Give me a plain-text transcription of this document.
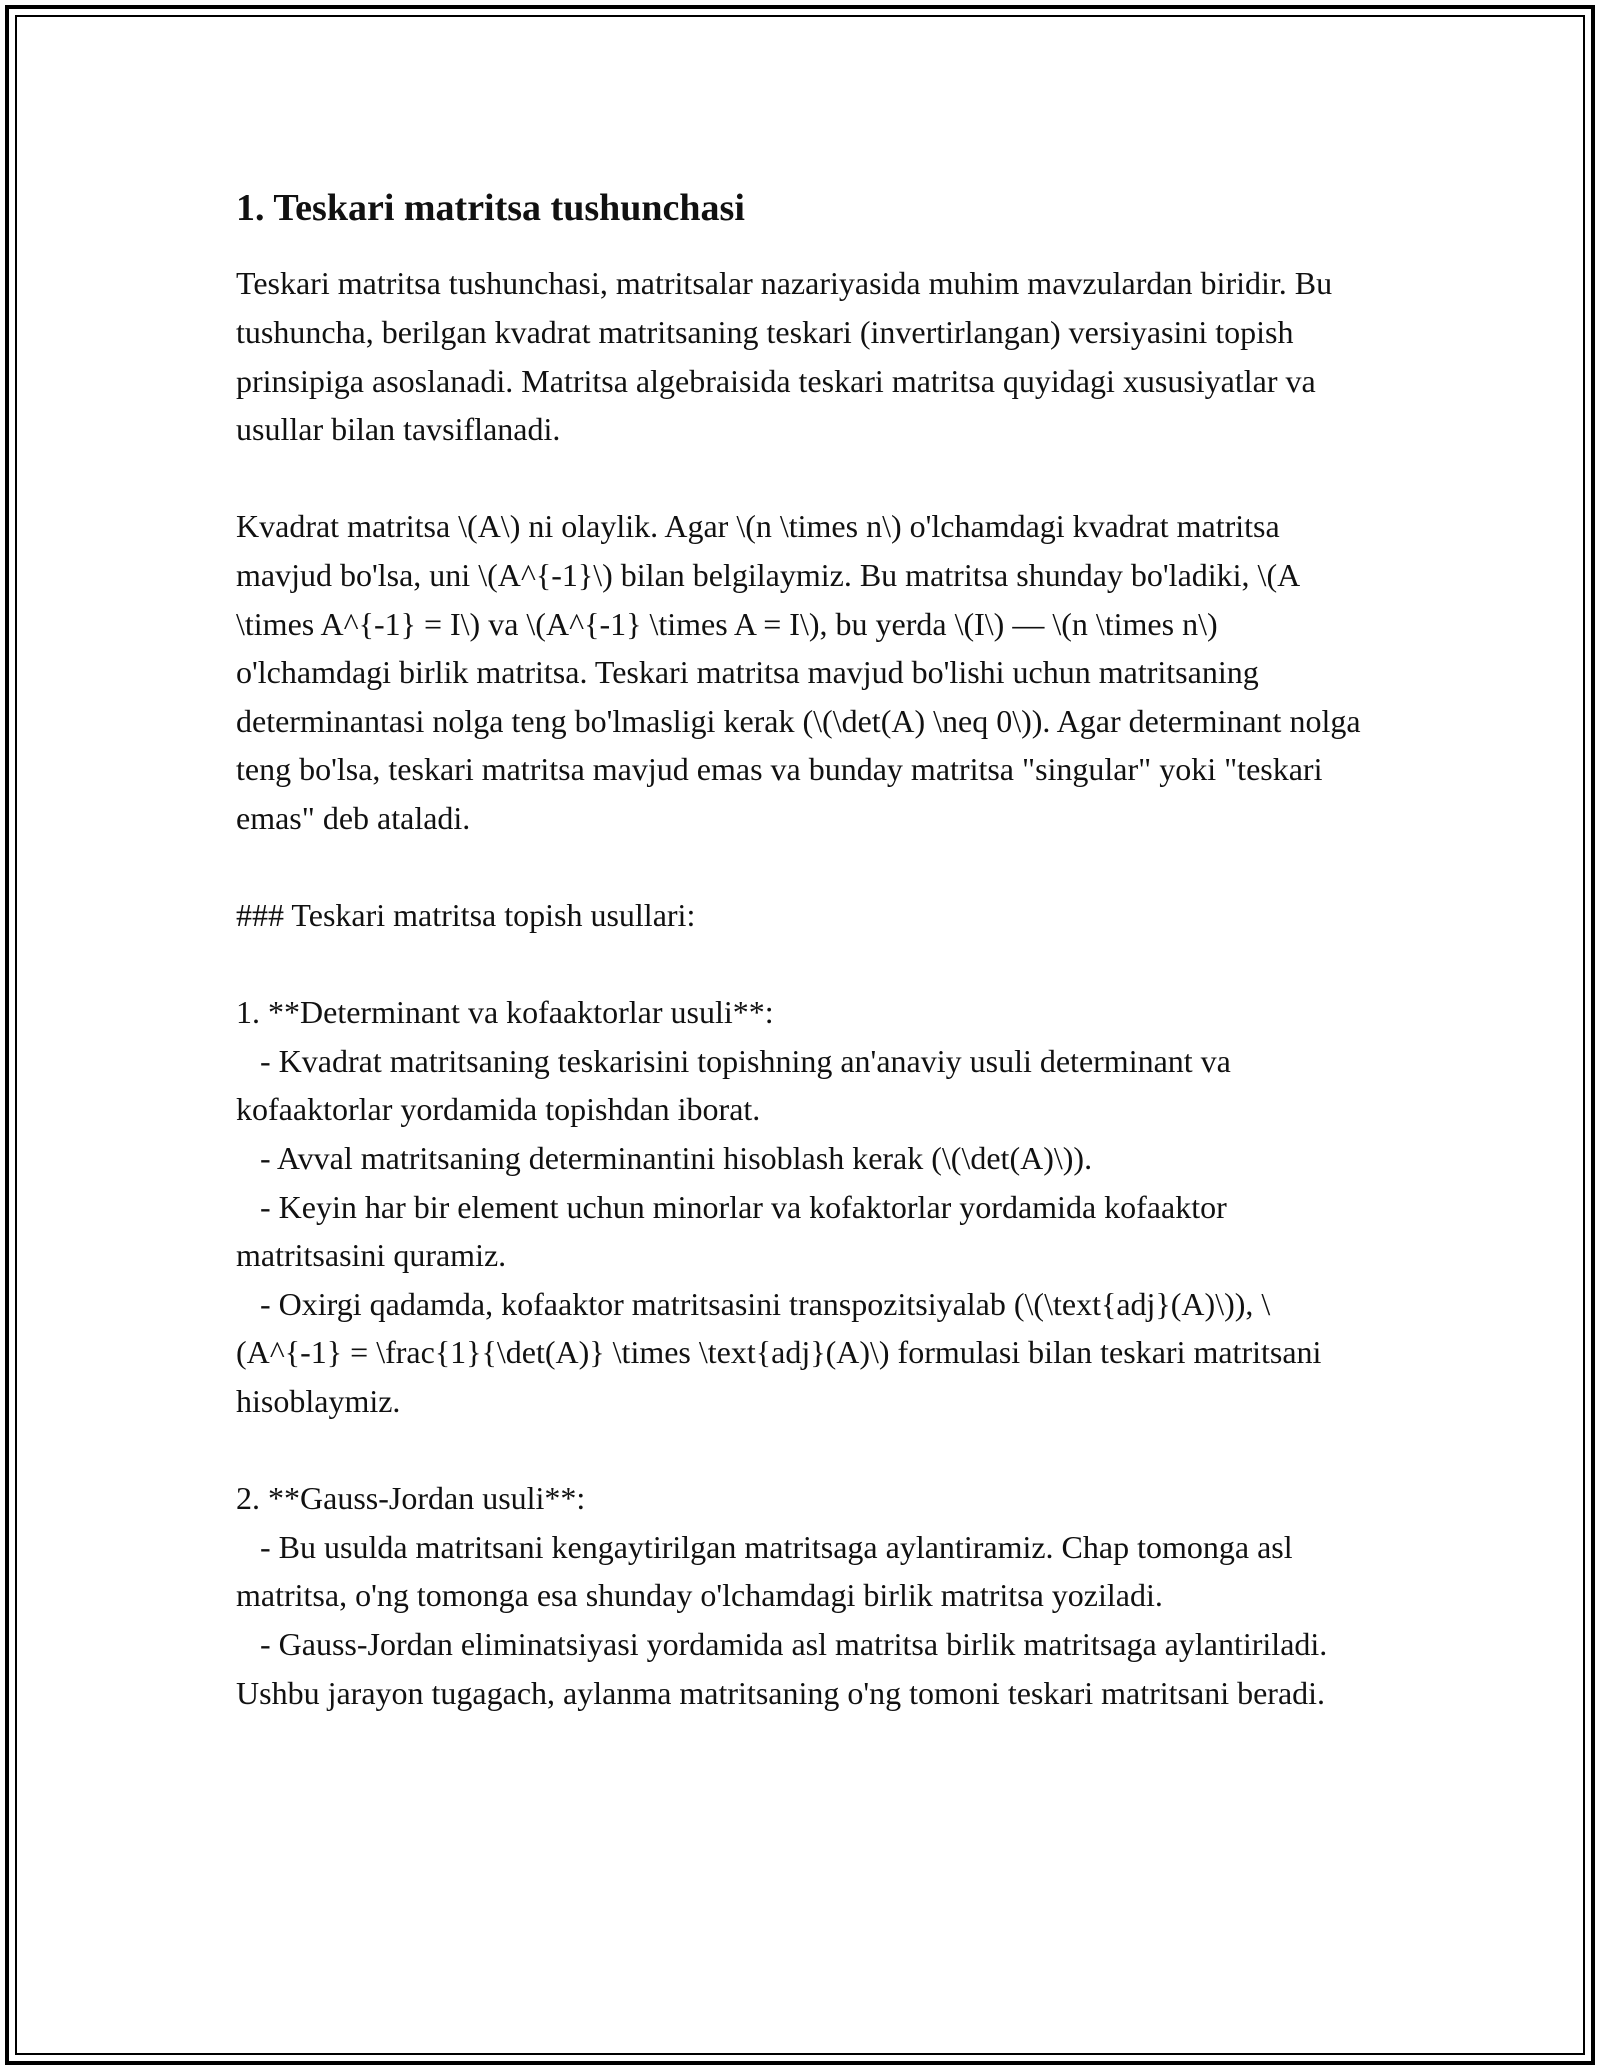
1. Teskari matritsa tushunchasi

Teskari matritsa tushunchasi, matritsalar nazariyasida muhim mavzulardan biridir. Bu tushuncha, berilgan kvadrat matritsaning teskari (invertirlangan) versiyasini topish prinsipiga asoslanadi. Matritsa algebraisida teskari matritsa quyidagi xususiyatlar va usullar bilan tavsiflanadi.

Kvadrat matritsa \(A\) ni olaylik. Agar \(n \times n\) o'lchamdagi kvadrat matritsa mavjud bo'lsa, uni \(A^{-1}\) bilan belgilaymiz. Bu matritsa shunday bo'ladiki, \(A \times A^{-1} = I\) va \(A^{-1} \times A = I\), bu yerda \(I\) — \(n \times n\) o'lchamdagi birlik matritsa. Teskari matritsa mavjud bo'lishi uchun matritsaning determinantasi nolga teng bo'lmasligi kerak (\(\det(A) \neq 0\)). Agar determinant nolga teng bo'lsa, teskari matritsa mavjud emas va bunday matritsa "singular" yoki "teskari emas" deb ataladi.

### Teskari matritsa topish usullari:

1. **Determinant va kofaaktorlar usuli**:
- Kvadrat matritsaning teskarisini topishning an'anaviy usuli determinant va kofaaktorlar yordamida topishdan iborat.
- Avval matritsaning determinantini hisoblash kerak (\(\det(A)\)).
- Keyin har bir element uchun minorlar va kofaktorlar yordamida kofaaktor matritsasini quramiz.
- Oxirgi qadamda, kofaaktor matritsasini transpozitsiyalab (\(\text{adj}(A)\)), \(A^{-1} = \frac{1}{\det(A)} \times \text{adj}(A)\) formulasi bilan teskari matritsani hisoblaymiz.

2. **Gauss-Jordan usuli**:
- Bu usulda matritsani kengaytirilgan matritsaga aylantiramiz. Chap tomonga asl matritsa, o'ng tomonga esa shunday o'lchamdagi birlik matritsa yoziladi.
- Gauss-Jordan eliminatsiyasi yordamida asl matritsa birlik matritsaga aylantiriladi. Ushbu jarayon tugagach, aylanma matritsaning o'ng tomoni teskari matritsani beradi.
